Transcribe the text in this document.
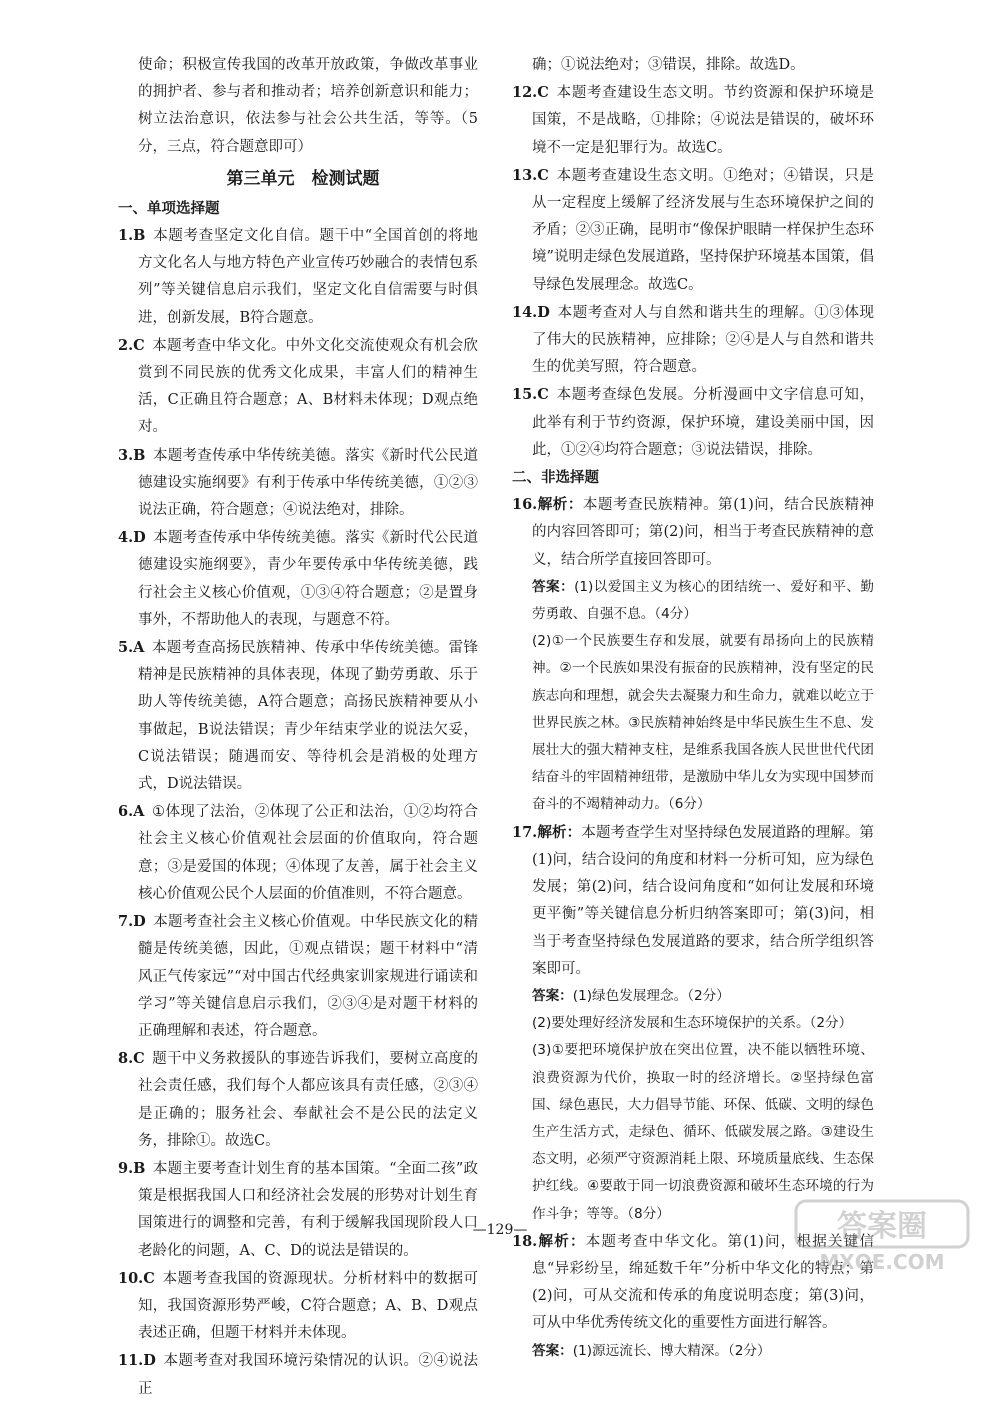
使命；积极宣传我国的改革开放政策，争做改革事业的拥护者、参与者和推动者；培养创新意识和能力；树立法治意识，依法参与社会公共生活，等等。（5分，三点，符合题意即可）

第三单元　检测试题

一、单项选择题

1.B  本题考查坚定文化自信。题干中“全国首创的将地方文化名人与地方特色产业宣传巧妙融合的表情包系列”等关键信息启示我们，坚定文化自信需要与时俱进，创新发展，B符合题意。

2.C  本题考查中华文化。中外文化交流使观众有机会欣赏到不同民族的优秀文化成果，丰富人们的精神生活，C正确且符合题意；A、B材料未体现；D观点绝对。

3.B  本题考查传承中华传统美德。落实《新时代公民道德建设实施纲要》有利于传承中华传统美德，①②③说法正确，符合题意；④说法绝对，排除。

4.D  本题考查传承中华传统美德。落实《新时代公民道德建设实施纲要》，青少年要传承中华传统美德，践行社会主义核心价值观，①③④符合题意；②是置身事外，不帮助他人的表现，与题意不符。

5.A  本题考查高扬民族精神、传承中华传统美德。雷锋精神是民族精神的具体表现，体现了勤劳勇敢、乐于助人等传统美德，A符合题意；高扬民族精神要从小事做起，B说法错误；青少年结束学业的说法欠妥，C说法错误；随遇而安、等待机会是消极的处理方式，D说法错误。

6.A  ①体现了法治，②体现了公正和法治，①②均符合社会主义核心价值观社会层面的价值取向，符合题意；③是爱国的体现；④体现了友善，属于社会主义核心价值观公民个人层面的价值准则，不符合题意。

7.D  本题考查社会主义核心价值观。中华民族文化的精髓是传统美德，因此，①观点错误；题干材料中“清风正气传家远”“对中国古代经典家训家规进行诵读和学习”等关键信息启示我们，②③④是对题干材料的正确理解和表述，符合题意。

8.C  题干中义务救援队的事迹告诉我们，要树立高度的社会责任感，我们每个人都应该具有责任感，②③④是正确的；服务社会、奉献社会不是公民的法定义务，排除①。故选C。

9.B  本题主要考查计划生育的基本国策。“全面二孩”政策是根据我国人口和经济社会发展的形势对计划生育国策进行的调整和完善，有利于缓解我国现阶段人口老龄化的问题，A、C、D的说法是错误的。

10.C  本题考查我国的资源现状。分析材料中的数据可知，我国资源形势严峻，C符合题意；A、B、D观点表述正确，但题干材料并未体现。

11.D  本题考查对我国环境污染情况的认识。②④说法正

确；①说法绝对；③错误，排除。故选D。

12.C  本题考查建设生态文明。节约资源和保护环境是国策，不是战略，①排除；④说法是错误的，破坏环境不一定是犯罪行为。故选C。

13.C  本题考查建设生态文明。①绝对；④错误，只是从一定程度上缓解了经济发展与生态环境保护之间的矛盾；②③正确，昆明市“像保护眼睛一样保护生态环境”说明走绿色发展道路，坚持保护环境基本国策，倡导绿色发展理念。故选C。

14.D  本题考查对人与自然和谐共生的理解。①③体现了伟大的民族精神，应排除；②④是人与自然和谐共生的优美写照，符合题意。

15.C  本题考查绿色发展。分析漫画中文字信息可知，此举有利于节约资源，保护环境，建设美丽中国，因此，①②④均符合题意；③说法错误，排除。

二、非选择题

16.解析：本题考查民族精神。第(1)问，结合民族精神的内容回答即可；第(2)问，相当于考查民族精神的意义，结合所学直接回答即可。

答案：(1)以爱国主义为核心的团结统一、爱好和平、勤劳勇敢、自强不息。（4分）

(2)①一个民族要生存和发展，就要有昂扬向上的民族精神。②一个民族如果没有振奋的民族精神，没有坚定的民族志向和理想，就会失去凝聚力和生命力，就难以屹立于世界民族之林。③民族精神始终是中华民族生生不息、发展壮大的强大精神支柱，是维系我国各族人民世世代代团结奋斗的牢固精神纽带，是激励中华儿女为实现中国梦而奋斗的不竭精神动力。（6分）

17.解析：本题考查学生对坚持绿色发展道路的理解。第(1)问，结合设问的角度和材料一分析可知，应为绿色发展；第(2)问，结合设问角度和“如何让发展和环境更平衡”等关键信息分析归纳答案即可；第(3)问，相当于考查坚持绿色发展道路的要求，结合所学组织答案即可。

答案：(1)绿色发展理念。（2分）

(2)要处理好经济发展和生态环境保护的关系。（2分）

(3)①要把环境保护放在突出位置，决不能以牺牲环境、浪费资源为代价，换取一时的经济增长。②坚持绿色富国、绿色惠民，大力倡导节能、环保、低碳、文明的绿色生产生活方式，走绿色、循环、低碳发展之路。③建设生态文明，必须严守资源消耗上限、环境质量底线、生态保护红线。④要敢于同一切浪费资源和破坏生态环境的行为作斗争；等等。（8分）

18.解析：本题考查中华文化。第(1)问，根据关键信息“异彩纷呈，绵延数千年”分析中华文化的特点；第(2)问，可从交流和传承的角度说明态度；第(3)问，可从中华优秀传统文化的重要性方面进行解答。

答案：(1)源远流长、博大精深。（2分）

—129—	答案圈
MXQE.COM
